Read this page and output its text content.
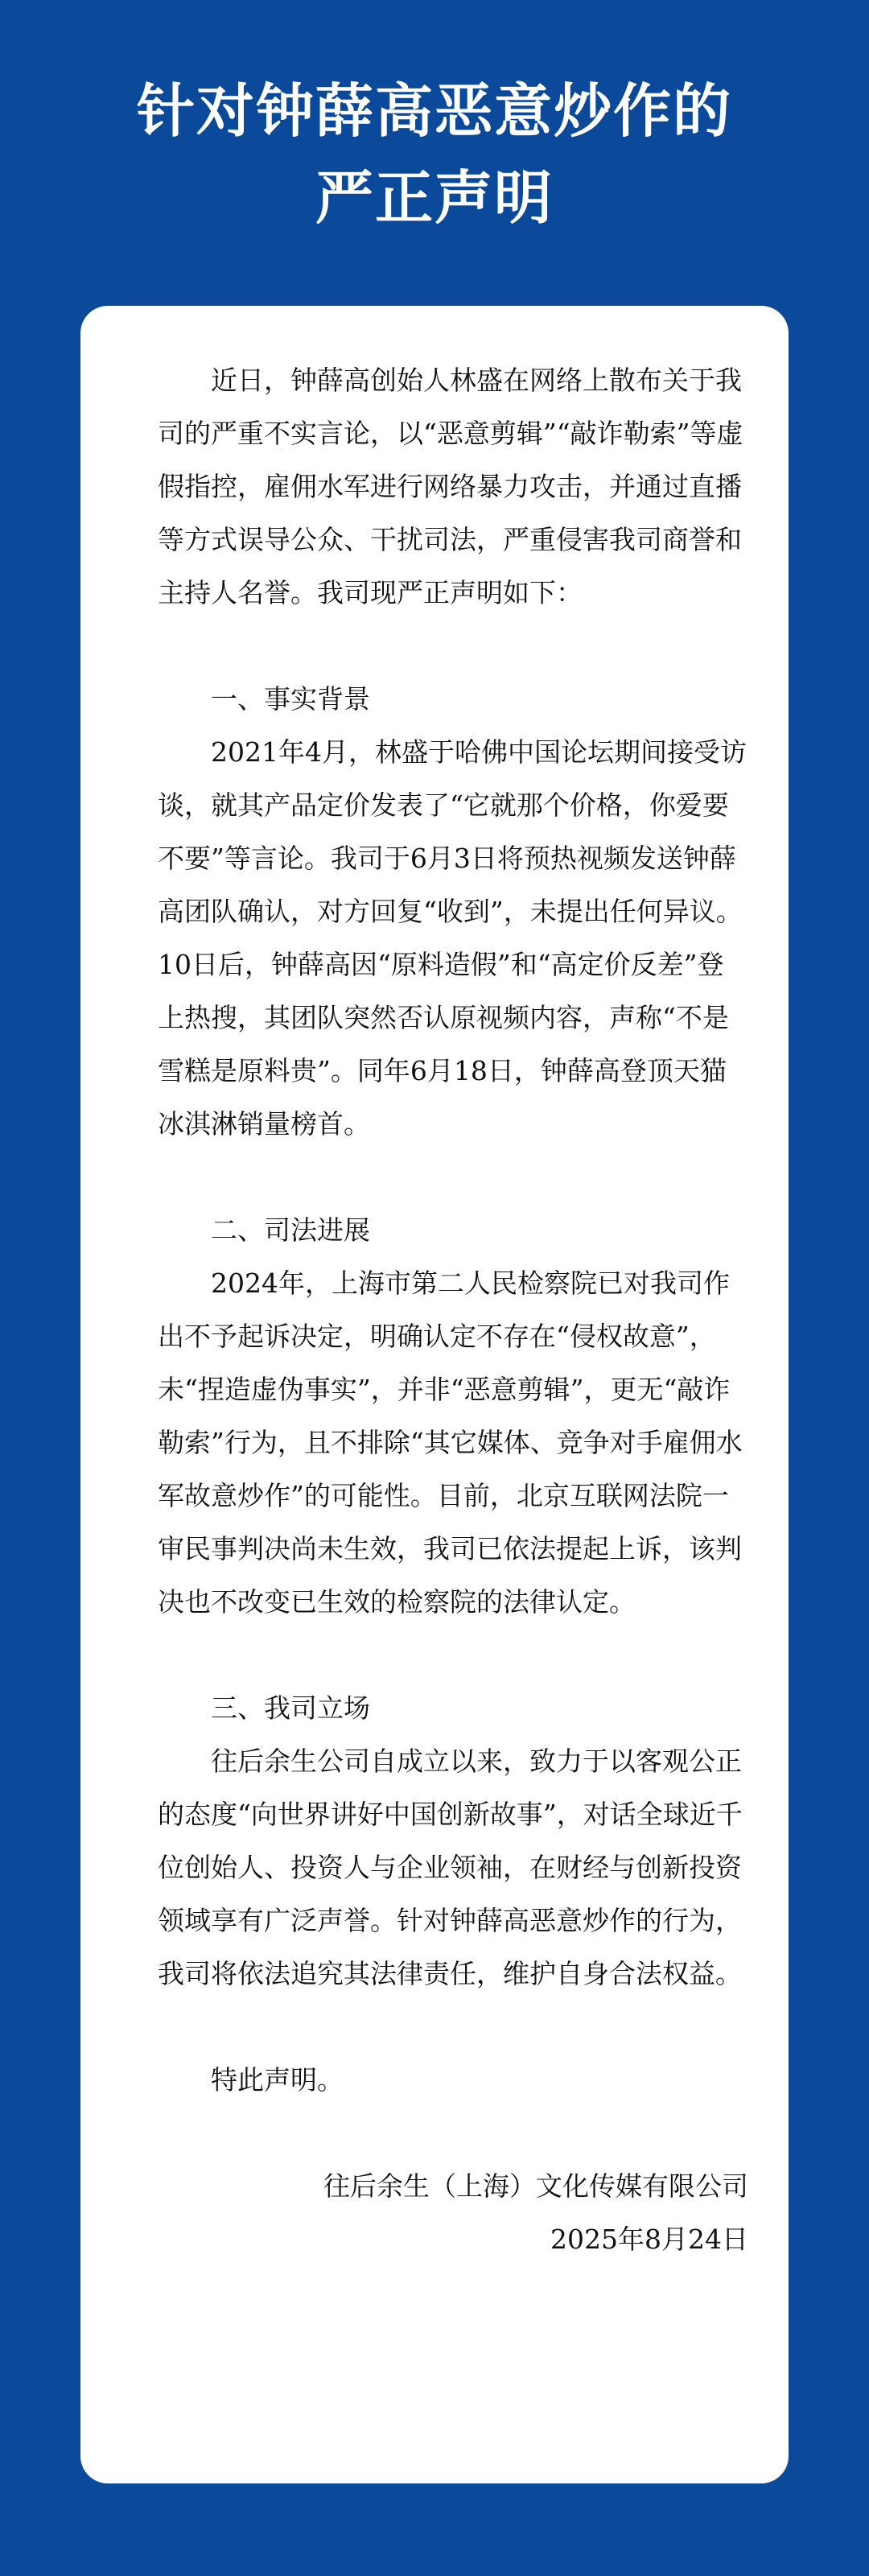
针对钟薛高恶意炒作的
严正声明

近日，钟薛高创始人林盛在网络上散布关于我司的严重不实言论，以“恶意剪辑”“敲诈勒索”等虚假指控，雇佣水军进行网络暴力攻击，并通过直播等方式误导公众、干扰司法，严重侵害我司商誉和主持人名誉。我司现严正声明如下：

一、事实背景

2021年4月，林盛于哈佛中国论坛期间接受访谈，就其产品定价发表了“它就那个价格，你爱要不要”等言论。我司于6月3日将预热视频发送钟薛高团队确认，对方回复“收到”，未提出任何异议。10日后，钟薛高因“原料造假”和“高定价反差”登上热搜，其团队突然否认原视频内容，声称“不是雪糕是原料贵”。同年6月18日，钟薛高登顶天猫冰淇淋销量榜首。

二、司法进展

2024年，上海市第二人民检察院已对我司作出不予起诉决定，明确认定不存在“侵权故意”，未“捏造虚伪事实”，并非“恶意剪辑”，更无“敲诈勒索”行为，且不排除“其它媒体、竞争对手雇佣水军故意炒作”的可能性。目前，北京互联网法院一审民事判决尚未生效，我司已依法提起上诉，该判决也不改变已生效的检察院的法律认定。

三、我司立场

往后余生公司自成立以来，致力于以客观公正的态度“向世界讲好中国创新故事”，对话全球近千位创始人、投资人与企业领袖，在财经与创新投资领域享有广泛声誉。针对钟薛高恶意炒作的行为，我司将依法追究其法律责任，维护自身合法权益。

特此声明。

往后余生（上海）文化传媒有限公司

2025年8月24日
